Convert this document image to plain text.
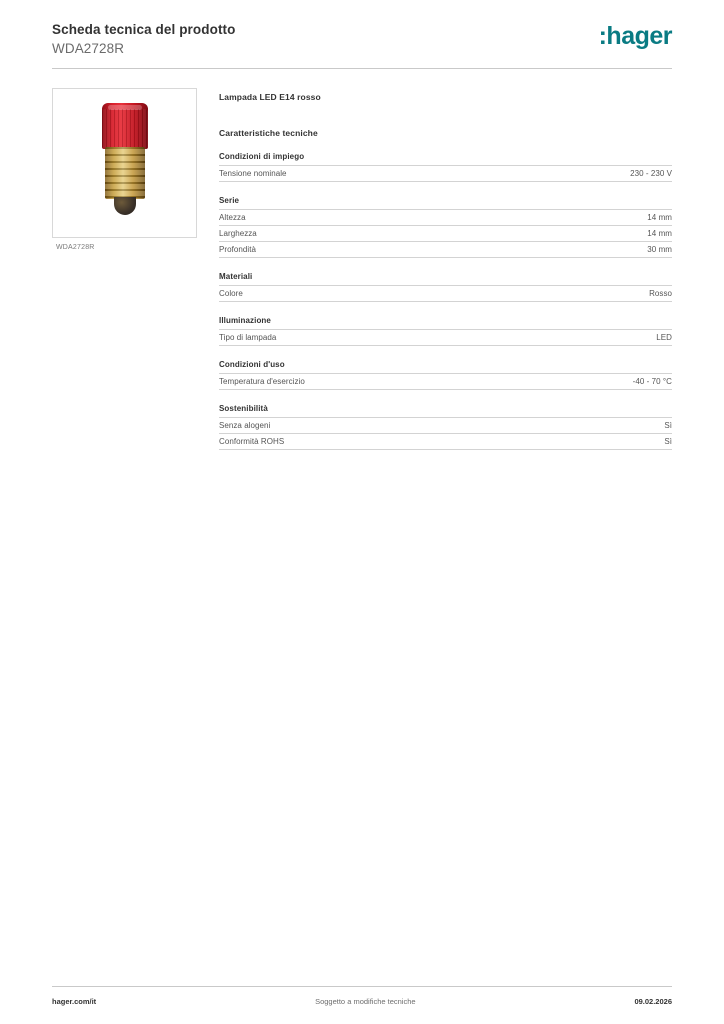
Scheda tecnica del prodotto
WDA2728R	:hager
WDA2728R
Lampada LED E14 rosso
Caratteristiche tecniche
Condizioni di impiego
Tensione nominale	230 - 230 V
Serie
Altezza	14 mm
Larghezza	14 mm
Profondità	30 mm
Materiali
Colore	Rosso
Illuminazione
Tipo di lampada	LED
Condizioni d'uso
Temperatura d'esercizio	-40 - 70 °C
Sostenibilità
Senza alogeni	Sì
Conformità ROHS	Sì
hager.com/it	Soggetto a modifiche tecniche	09.02.2026
